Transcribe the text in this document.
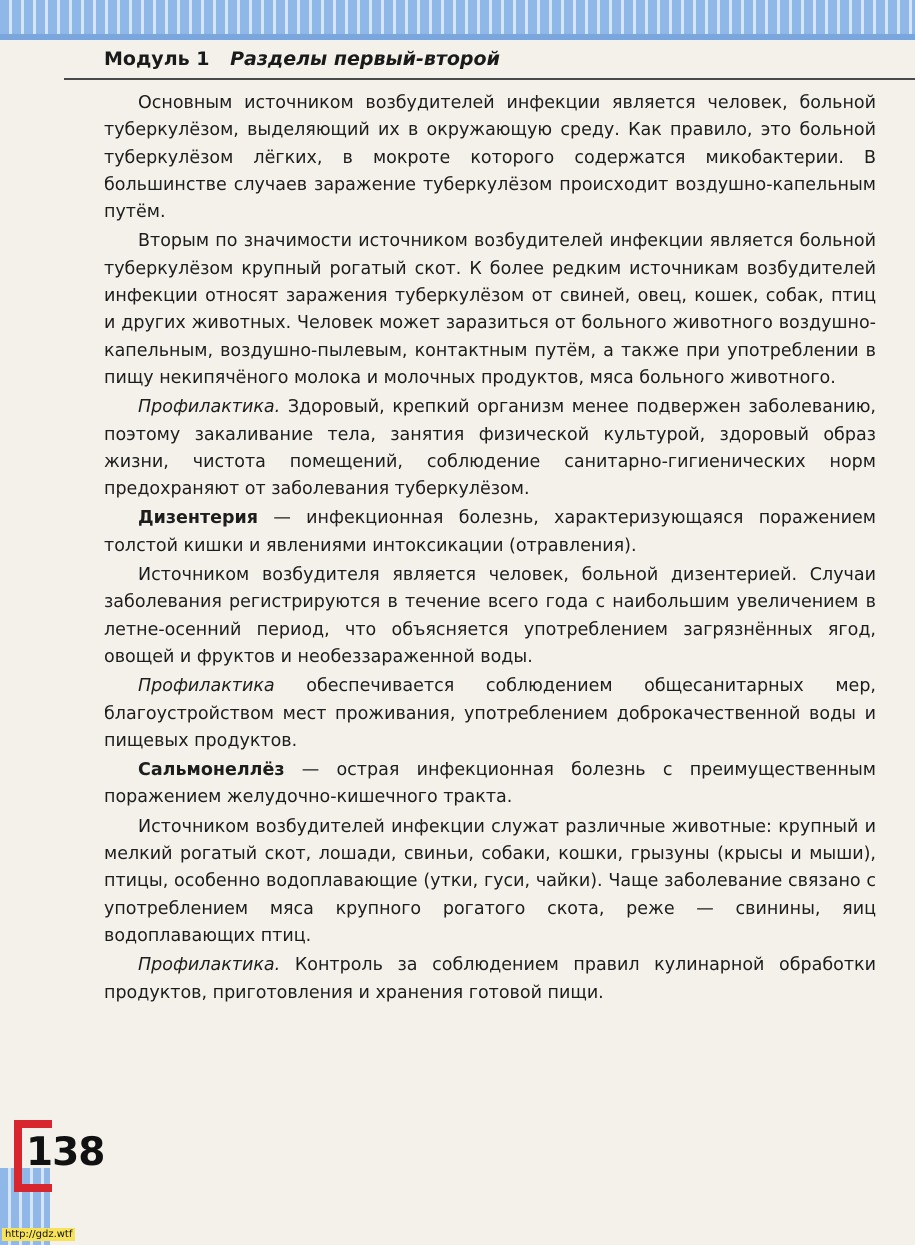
Модуль 1 Разделы первый-второй

Основным источником возбудителей инфекции является человек, больной туберкулёзом, выделяющий их в окружающую среду. Как правило, это больной туберкулёзом лёгких, в мокроте которого содержатся микобактерии. В большинстве случаев заражение туберкулёзом происходит воздушно-капельным путём.

Вторым по значимости источником возбудителей инфекции является больной туберкулёзом крупный рогатый скот. К более редким источникам возбудителей инфекции относят заражения туберкулёзом от свиней, овец, кошек, собак, птиц и других животных. Человек может заразиться от больного животного воздушно-капельным, воздушно-пылевым, контактным путём, а также при употреблении в пищу некипячёного молока и молочных продуктов, мяса больного животного.

Профилактика. Здоровый, крепкий организм менее подвержен заболеванию, поэтому закаливание тела, занятия физической культурой, здоровый образ жизни, чистота помещений, соблюдение санитарно-гигиенических норм предохраняют от заболевания туберкулёзом.

Дизентерия — инфекционная болезнь, характеризующаяся поражением толстой кишки и явлениями интоксикации (отравления).

Источником возбудителя является человек, больной дизентерией. Случаи заболевания регистрируются в течение всего года с наибольшим увеличением в летне-осенний период, что объясняется употреблением загрязнённых ягод, овощей и фруктов и необеззараженной воды.

Профилактика обеспечивается соблюдением общесанитарных мер, благоустройством мест проживания, употреблением доброкачественной воды и пищевых продуктов.

Сальмонеллёз — острая инфекционная болезнь с преимущественным поражением желудочно-кишечного тракта.

Источником возбудителей инфекции служат различные животные: крупный и мелкий рогатый скот, лошади, свиньи, собаки, кошки, грызуны (крысы и мыши), птицы, особенно водоплавающие (утки, гуси, чайки). Чаще заболевание связано с употреблением мяса крупного рогатого скота, реже — свинины, яиц водоплавающих птиц.

Профилактика. Контроль за соблюдением правил кулинарной обработки продуктов, приготовления и хранения готовой пищи.

138
http://gdz.wtf
